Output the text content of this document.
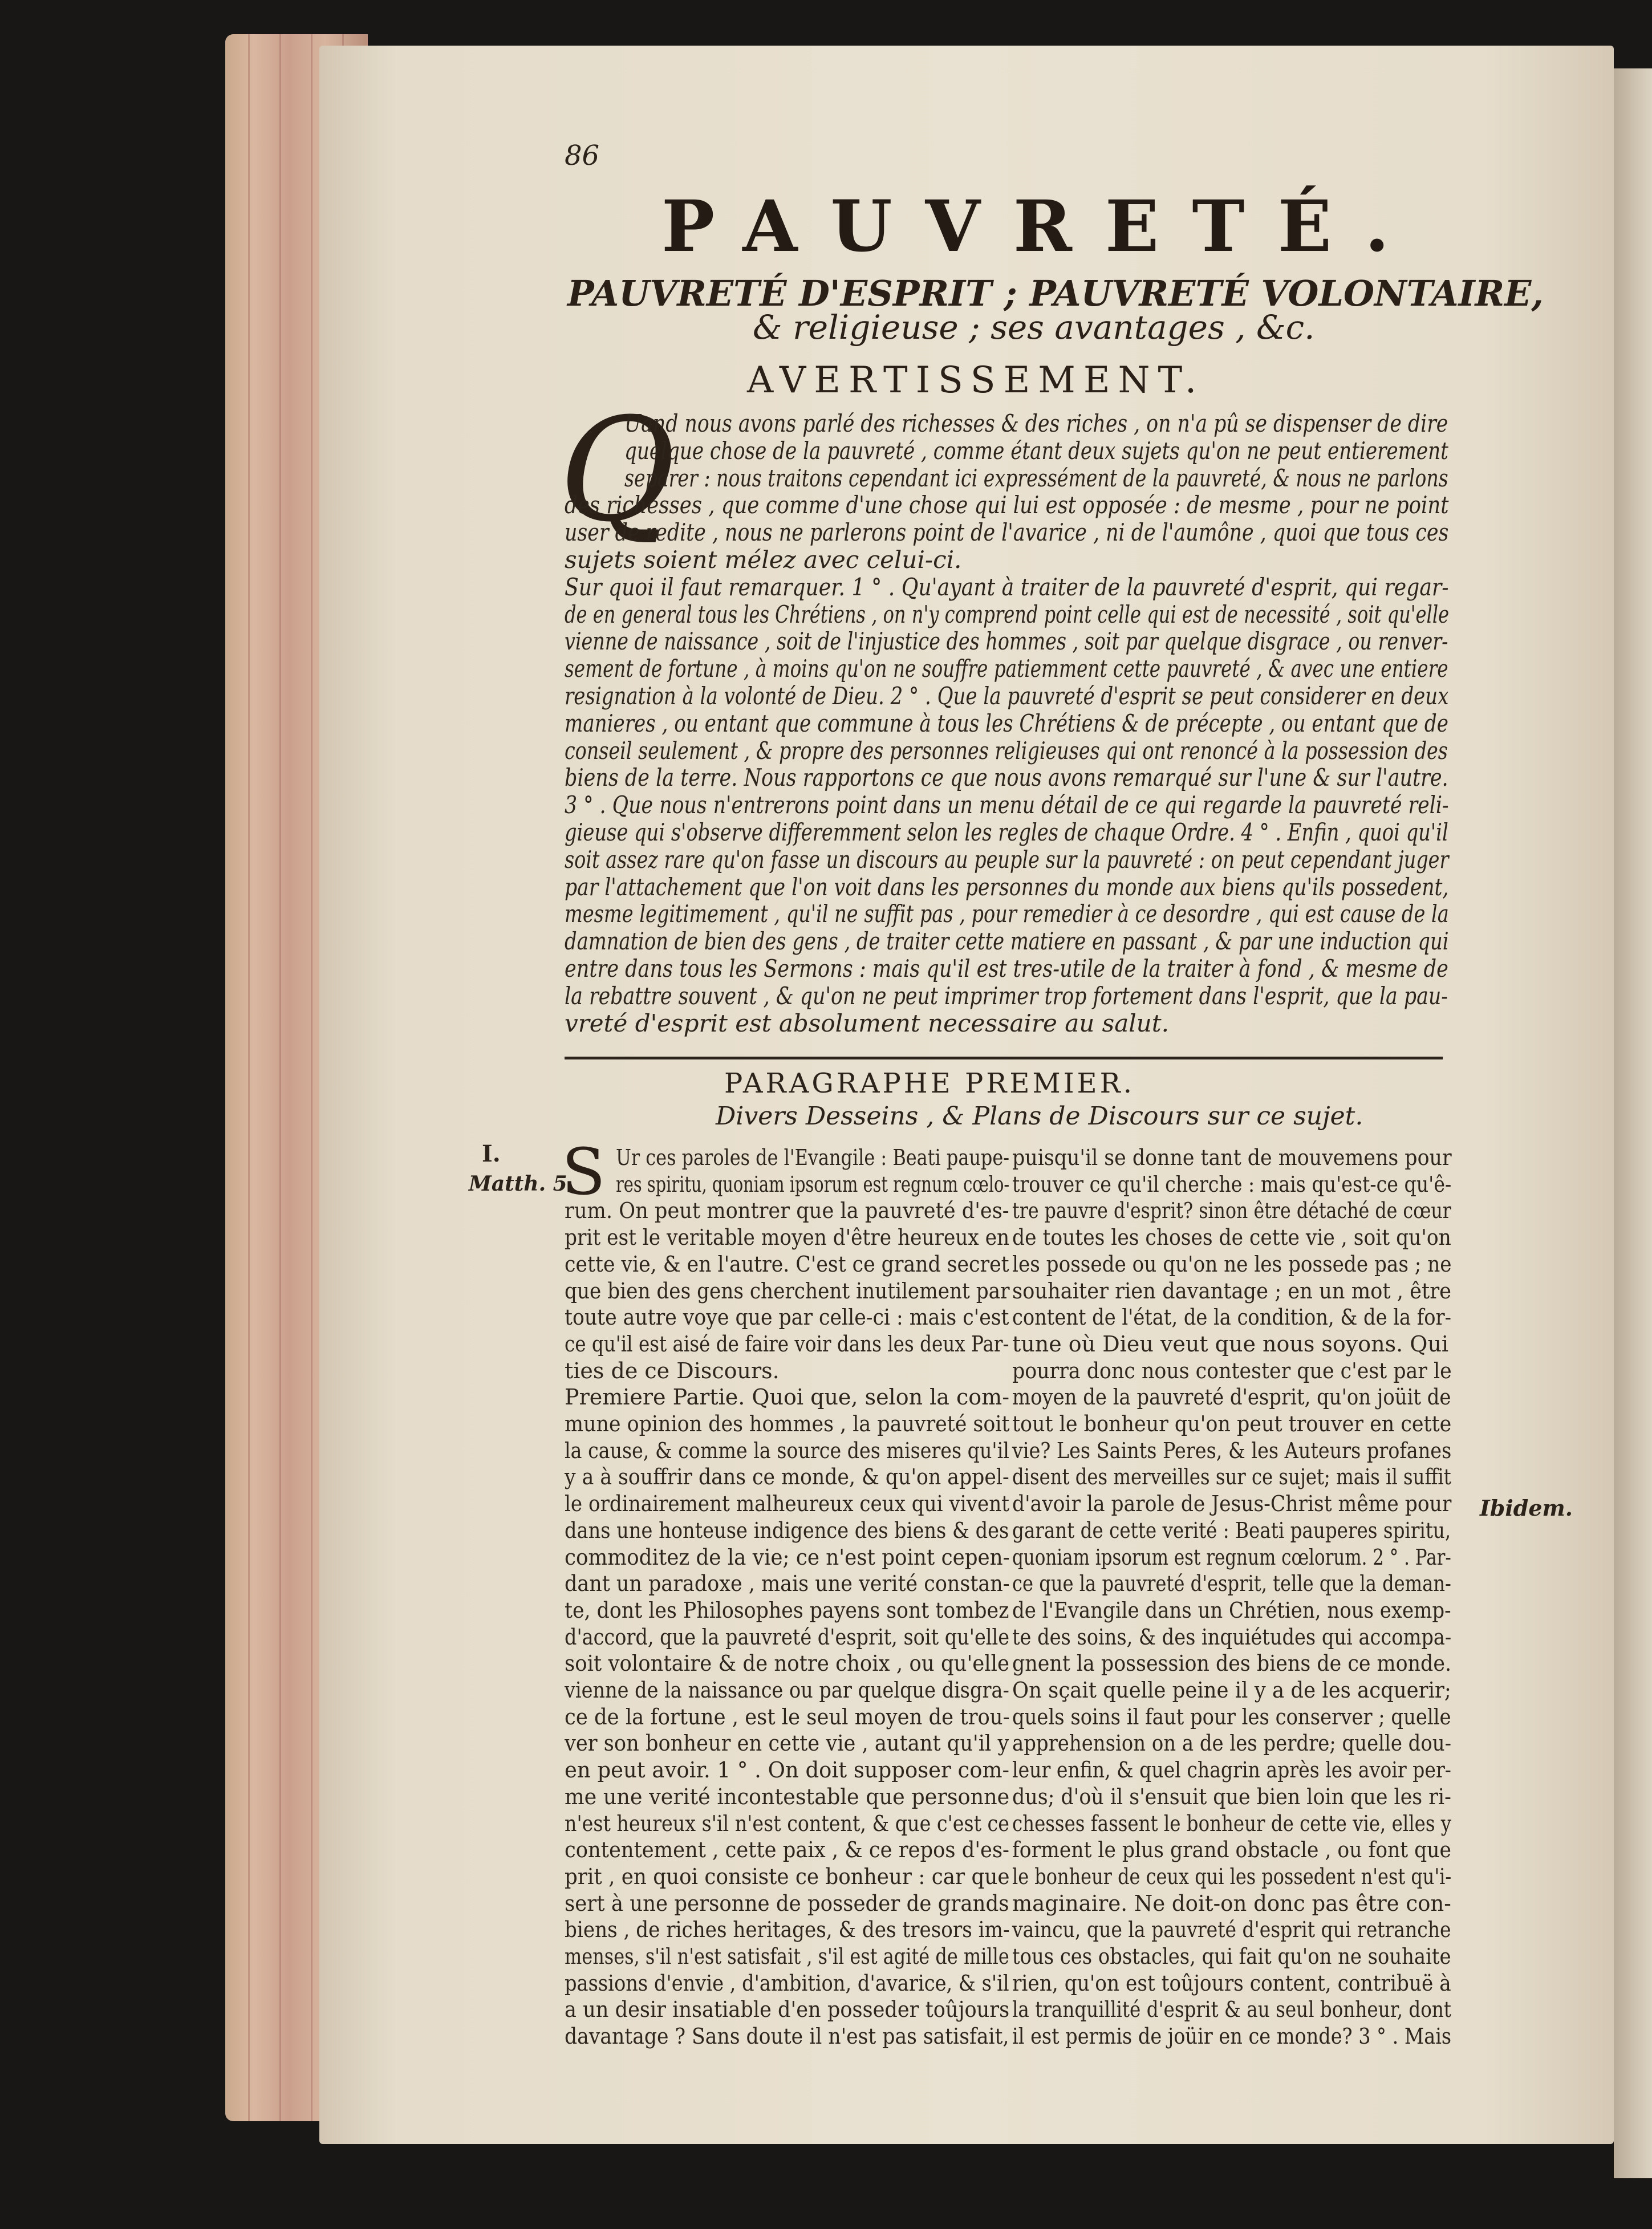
86
PAUVRETÉ.
PAUVRETÉ D'ESPRIT ; PAUVRETÉ VOLONTAIRE,
& religieuse ; ses avantages , &c.
AVERTISSEMENT.
Q
Uand nous avons parlé des richesses & des riches , on n'a pû se dispenser de dire
quelque chose de la pauvreté , comme étant deux sujets qu'on ne peut entierement
separer : nous traitons cependant ici expressément de la pauvreté, & nous ne parlons
des richesses , que comme d'une chose qui lui est opposée : de mesme , pour ne point
user de redite , nous ne parlerons point de l'avarice , ni de l'aumône , quoi que tous ces
sujets soient mélez avec celui-ci.
Sur quoi il faut remarquer. 1 ° . Qu'ayant à traiter de la pauvreté d'esprit, qui regar-
de en general tous les Chrétiens , on n'y comprend point celle qui est de necessité , soit qu'elle
vienne de naissance , soit de l'injustice des hommes , soit par quelque disgrace , ou renver-
sement de fortune , à moins qu'on ne souffre patiemment cette pauvreté , & avec une entiere
resignation à la volonté de Dieu. 2 ° . Que la pauvreté d'esprit se peut considerer en deux
manieres , ou entant que commune à tous les Chrétiens & de précepte , ou entant que de
conseil seulement , & propre des personnes religieuses qui ont renoncé à la possession des
biens de la terre. Nous rapportons ce que nous avons remarqué sur l'une & sur l'autre.
3 ° . Que nous n'entrerons point dans un menu détail de ce qui regarde la pauvreté reli-
gieuse qui s'observe differemment selon les regles de chaque Ordre. 4 ° . Enfin , quoi qu'il
soit assez rare qu'on fasse un discours au peuple sur la pauvreté : on peut cependant juger
par l'attachement que l'on voit dans les personnes du monde aux biens qu'ils possedent,
mesme legitimement , qu'il ne suffit pas , pour remedier à ce desordre , qui est cause de la
damnation de bien des gens , de traiter cette matiere en passant , & par une induction qui
entre dans tous les Sermons : mais qu'il est tres-utile de la traiter à fond , & mesme de
la rebattre souvent , & qu'on ne peut imprimer trop fortement dans l'esprit, que la pau-
vreté d'esprit est absolument necessaire au salut.
PARAGRAPHE PREMIER.
Divers Desseins , & Plans de Discours sur ce sujet.
I.
Matth. 5.
Ibidem.
S Ur ces paroles de l'Evangile : Beati paupe-
res spiritu, quoniam ipsorum est regnum cœlo-
rum. On peut montrer que la pauvreté d'es-
prit est le veritable moyen d'être heureux en
cette vie, & en l'autre. C'est ce grand secret
que bien des gens cherchent inutilement par
toute autre voye que par celle-ci : mais c'est
ce qu'il est aisé de faire voir dans les deux Par-
ties de ce Discours.
Premiere Partie. Quoi que, selon la com-
mune opinion des hommes , la pauvreté soit
la cause, & comme la source des miseres qu'il
y a à souffrir dans ce monde, & qu'on appel-
le ordinairement malheureux ceux qui vivent
dans une honteuse indigence des biens & des
commoditez de la vie; ce n'est point cepen-
dant un paradoxe , mais une verité constan-
te, dont les Philosophes payens sont tombez
d'accord, que la pauvreté d'esprit, soit qu'elle
soit volontaire & de notre choix , ou qu'elle
vienne de la naissance ou par quelque disgra-
ce de la fortune , est le seul moyen de trou-
ver son bonheur en cette vie , autant qu'il y
en peut avoir. 1 ° . On doit supposer com-
me une verité incontestable que personne
n'est heureux s'il n'est content, & que c'est ce
contentement , cette paix , & ce repos d'es-
prit , en quoi consiste ce bonheur : car que
sert à une personne de posseder de grands
biens , de riches heritages, & des tresors im-
menses, s'il n'est satisfait , s'il est agité de mille
passions d'envie , d'ambition, d'avarice, & s'il
a un desir insatiable d'en posseder toûjours
davantage ? Sans doute il n'est pas satisfait,
puisqu'il se donne tant de mouvemens pour
trouver ce qu'il cherche : mais qu'est-ce qu'ê-
tre pauvre d'esprit? sinon être détaché de cœur
de toutes les choses de cette vie , soit qu'on
les possede ou qu'on ne les possede pas ; ne
souhaiter rien davantage ; en un mot , être
content de l'état, de la condition, & de la for-
tune où Dieu veut que nous soyons. Qui
pourra donc nous contester que c'est par le
moyen de la pauvreté d'esprit, qu'on joüit de
tout le bonheur qu'on peut trouver en cette
vie? Les Saints Peres, & les Auteurs profanes
disent des merveilles sur ce sujet; mais il suffit
d'avoir la parole de Jesus-Christ même pour
garant de cette verité : Beati pauperes spiritu,
quoniam ipsorum est regnum cœlorum. 2 ° . Par-
ce que la pauvreté d'esprit, telle que la deman-
de l'Evangile dans un Chrétien, nous exemp-
te des soins, & des inquiétudes qui accompa-
gnent la possession des biens de ce monde.
On sçait quelle peine il y a de les acquerir;
quels soins il faut pour les conserver ; quelle
apprehension on a de les perdre; quelle dou-
leur enfin, & quel chagrin après les avoir per-
dus; d'où il s'ensuit que bien loin que les ri-
chesses fassent le bonheur de cette vie, elles y
forment le plus grand obstacle , ou font que
le bonheur de ceux qui les possedent n'est qu'i-
maginaire. Ne doit-on donc pas être con-
vaincu, que la pauvreté d'esprit qui retranche
tous ces obstacles, qui fait qu'on ne souhaite
rien, qu'on est toûjours content, contribuë à
la tranquillité d'esprit & au seul bonheur, dont
il est permis de joüir en ce monde? 3 ° . Mais
